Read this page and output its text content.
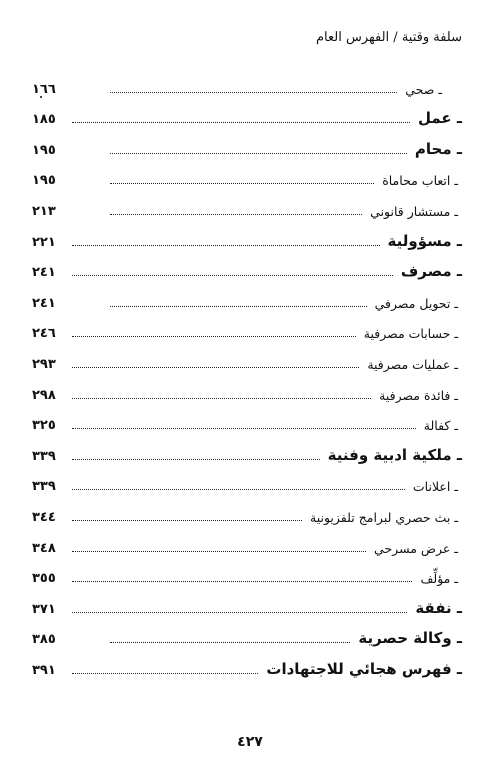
سلفة وقتية / الفهرس العام
ـ صحي
١٦٦
ـ عمل
١٨٥
ـ محام
١٩٥
ـ اتعاب محاماة
١٩٥
ـ مستشار قانوني
٢١٣
ـ مسؤولية
٢٢١
ـ مصرف
٢٤١
ـ تحويل مصرفي
٢٤١
ـ حسابات مصرفية
٢٤٦
ـ عمليات مصرفية
٢٩٣
ـ فائدة مصرفية
٢٩٨
ـ كفالة
٣٢٥
ـ ملكية ادبية وفنية
٣٣٩
ـ اعلانات
٣٣٩
ـ بث حصري لبرامج تلفزيونية
٣٤٤
ـ عرض مسرحي
٣٤٨
ـ مؤلِّف
٣٥٥
ـ نفقة
٣٧١
ـ وكالة حصرية
٣٨٥
ـ فهرس هجائي للاجتهادات
٣٩١
٤٢٧
